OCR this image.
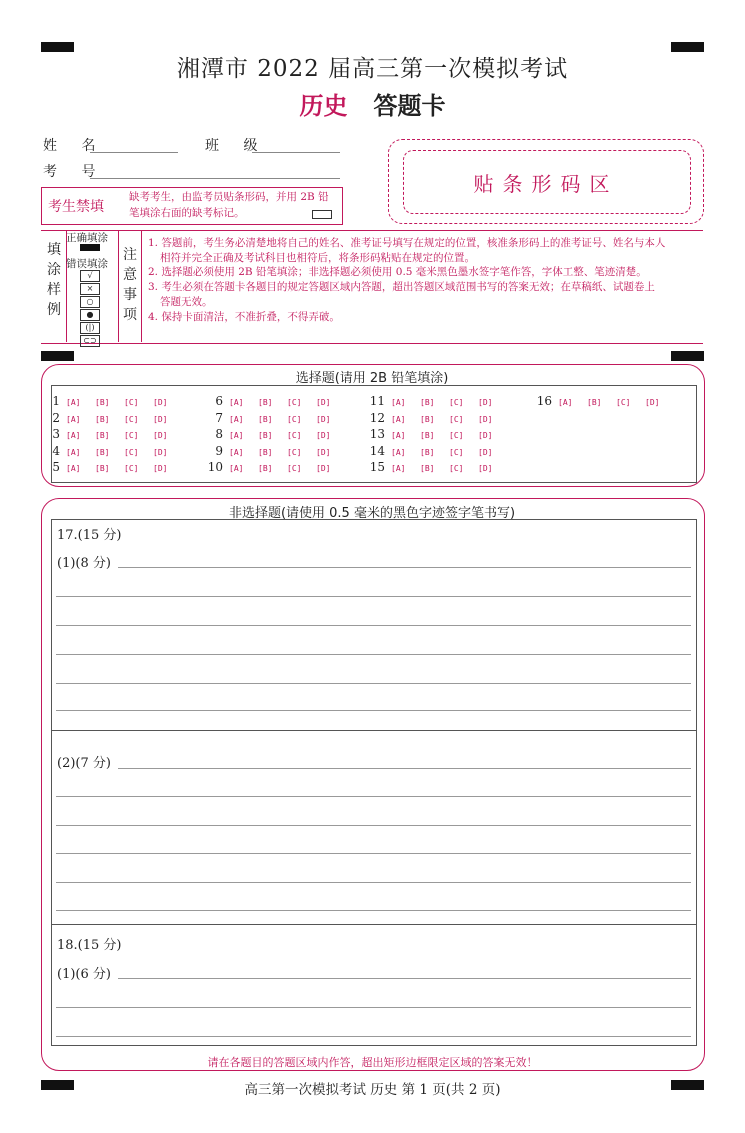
湘潭市 2022 届高三第一次模拟考试
历史 答题卡
姓 名	班 级
考 号
考生禁填
缺考考生，由监考员贴条形码，并用 2B 铅笔填涂右面的缺考标记。
贴条形码区
填涂样例
正确填涂
错误填涂
√
×
○
●
(|)
⊂⊃
注意事项
1. 答题前，考生务必清楚地将自己的姓名、准考证号填写在规定的位置，核准条形码上的准考证号、姓名与本人
相符并完全正确及考试科目也相符后，将条形码粘贴在规定的位置。
2. 选择题必须使用 2B 铅笔填涂；非选择题必须使用 0.5 毫米黑色墨水签字笔作答，字体工整、笔迹清楚。
3. 考生必须在答题卡各题目的规定答题区域内答题，超出答题区域范围书写的答案无效；在草稿纸、试题卷上
答题无效。
4. 保持卡面清洁，不准折叠，不得弄破。
选择题(请用 2B 铅笔填涂)
1 [A] [B] [C] [D]
2 [A] [B] [C] [D]
3 [A] [B] [C] [D]
4 [A] [B] [C] [D]
5 [A] [B] [C] [D]
6 [A] [B] [C] [D]
7 [A] [B] [C] [D]
8 [A] [B] [C] [D]
9 [A] [B] [C] [D]
10 [A] [B] [C] [D]
11 [A] [B] [C] [D]
12 [A] [B] [C] [D]
13 [A] [B] [C] [D]
14 [A] [B] [C] [D]
15 [A] [B] [C] [D]
16 [A] [B] [C] [D]
非选择题(请使用 0.5 毫米的黑色字迹签字笔书写)
17.(15 分)
(1)(8 分)
(2)(7 分)
18.(15 分)
(1)(6 分)
请在各题目的答题区域内作答，超出矩形边框限定区域的答案无效！
高三第一次模拟考试 历史 第 1 页(共 2 页)
